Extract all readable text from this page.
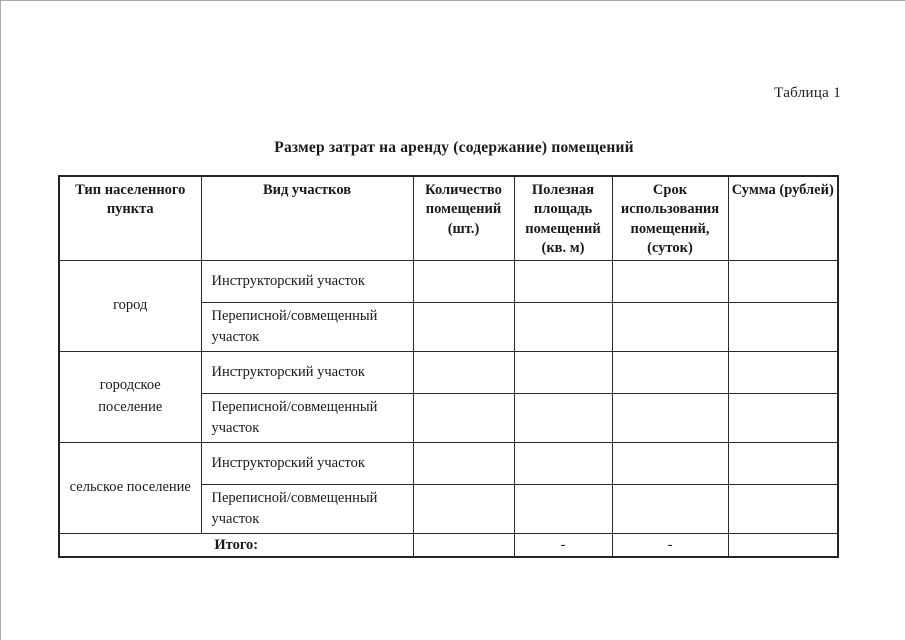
Таблица 1
Размер затрат на аренду (содержание) помещений
Тип населенного пункта	Вид участков	Количество помещений (шт.)	Полезная площадь помещений (кв. м)	Срок использования помещений, (суток)	Сумма (рублей)
город	Инструкторский участок				
	Переписной/совмещенный участок				
городское поселение	Инструкторский участок				
	Переписной/совмещенный участок				
сельское поселение	Инструкторский участок				
	Переписной/совмещенный участок				
Итого:			-	-	
